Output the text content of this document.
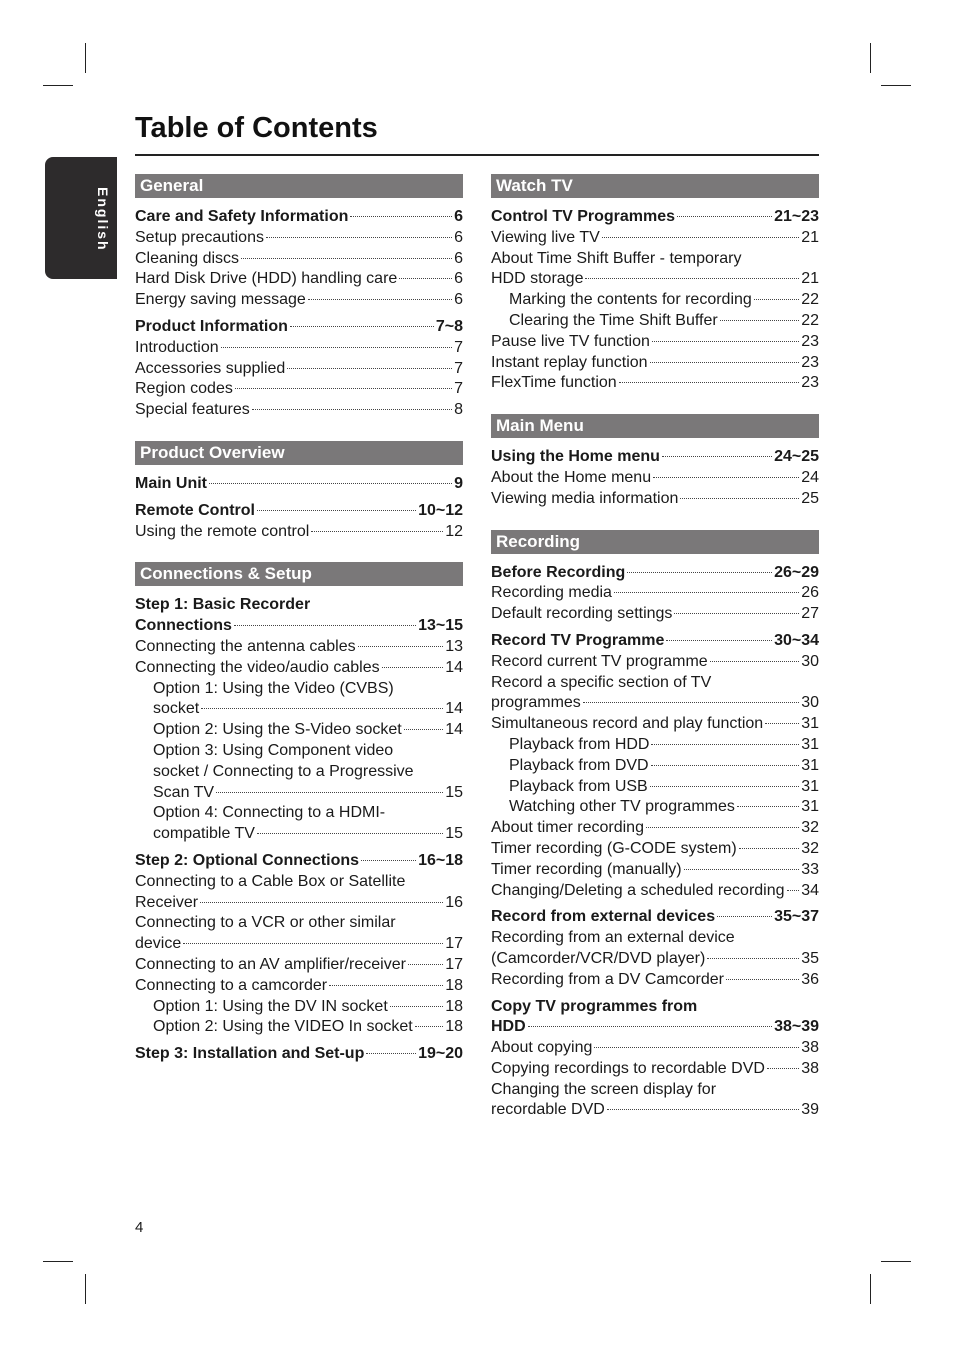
English
Table of Contents
General
Care and Safety Information	6
Setup precautions	6
Cleaning discs	6
Hard Disk Drive (HDD) handling care	6
Energy saving message	6
Product Information	7~8
Introduction	7
Accessories supplied	7
Region codes	7
Special features	8
Product Overview
Main Unit	9
Remote Control	10~12
Using the remote control	12
Connections & Setup
Step 1: Basic Recorder
Connections	13~15
Connecting the antenna cables	13
Connecting the video/audio cables	14
Option 1: Using the Video (CVBS)
socket	14
Option 2: Using the S-Video socket	14
Option 3: Using Component video
socket / Connecting to a Progressive
Scan TV	15
Option 4: Connecting to a HDMI-
compatible TV	15
Step 2: Optional Connections	16~18
Connecting to a Cable Box or Satellite
Receiver	16
Connecting to a VCR or other similar
device	17
Connecting to an AV amplifier/receiver 17
Connecting to a camcorder	18
Option 1: Using the DV IN socket	18
Option 2: Using the VIDEO In socket 18
Step 3: Installation and Set-up	19~20
Watch TV
Control TV Programmes	21~23
Viewing live TV	21
About Time Shift Buffer - temporary
HDD storage	21
Marking the contents for recording	22
Clearing the Time Shift Buffer	22
Pause live TV function	23
Instant replay function	23
FlexTime function	23
Main Menu
Using the Home menu	24~25
About the Home menu	24
Viewing media information	25
Recording
Before Recording	26~29
Recording media	26
Default recording settings	27
Record TV Programme	30~34
Record current TV programme	30
Record a specific section of TV
programmes	30
Simultaneous record and play function 31
Playback from HDD	31
Playback from DVD	31
Playback from USB	31
Watching other TV programmes	31
About timer recording	32
Timer recording (G-CODE system)	32
Timer recording (manually)	33
Changing/Deleting a scheduled recording 34
Record from external devices	35~37
Recording from an external device
(Camcorder/VCR/DVD player)	35
Recording from a DV Camcorder	36
Copy TV programmes from
HDD	38~39
About copying	38
Copying recordings to recordable DVD 38
Changing the screen display for
recordable DVD	39
4
